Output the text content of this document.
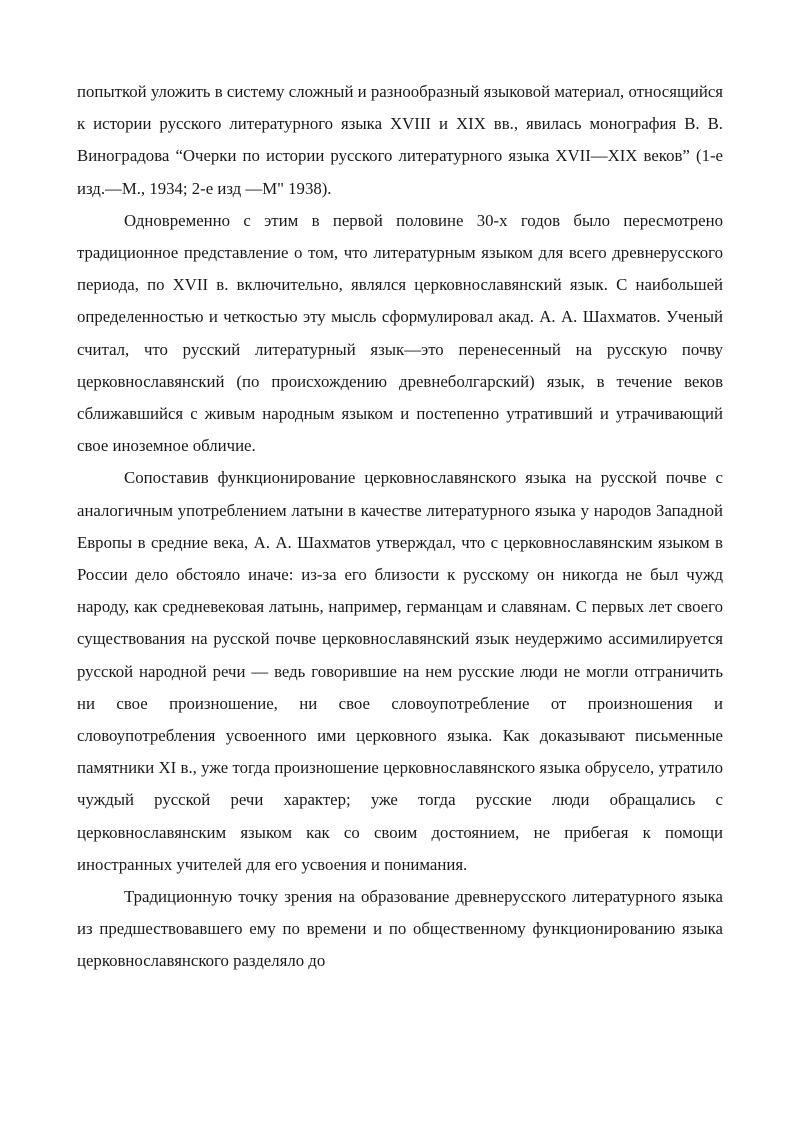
попыткой уложить в систему сложный и разнообразный языковой материал, относящийся к истории русского литературного языка XVIII и XIX вв., явилась монография В. В. Виноградова “Очерки по истории русского литературного языка XVII—XIX веков” (1-е изд.—М., 1934; 2-е изд —М" 1938).

Одновременно с этим в первой половине 30-х годов было пересмотрено традиционное представление о том, что литературным языком для всего древнерусского периода, по XVII в. включительно, являлся церковнославянский язык. С наибольшей определенностью и четкостью эту мысль сформулировал акад. А. А. Шахматов. Ученый считал, что русский литературный язык—это перенесенный на русскую почву церковнославянский (по происхождению древнеболгарский) язык, в течение веков сближавшийся с живым народным языком и постепенно утративший и утрачивающий свое иноземное обличие.

Сопоставив функционирование церковнославянского языка на русской почве с аналогичным употреблением латыни в качестве литературного языка у народов Западной Европы в средние века, А. А. Шахматов утверждал, что с церковнославянским языком в России дело обстояло иначе: из-за его близости к русскому он никогда не был чужд народу, как средневековая латынь, например, германцам и славянам. С первых лет своего существования на русской почве церковнославянский язык неудержимо ассимилируется русской народной речи — ведь говорившие на нем русские люди не могли отграничить ни свое произношение, ни свое словоупотребление от произношения и словоупотребления усвоенного ими церковного языка. Как доказывают письменные памятники XI в., уже тогда произношение церковнославянского языка обрусело, утратило чуждый русской речи характер; уже тогда русские люди обращались с церковнославянским языком как со своим достоянием, не прибегая к помощи иностранных учителей для его усвоения и понимания.

Традиционную точку зрения на образование древнерусского литературного языка из предшествовавшего ему по времени и по общественному функционированию языка церковнославянского разделяло до
